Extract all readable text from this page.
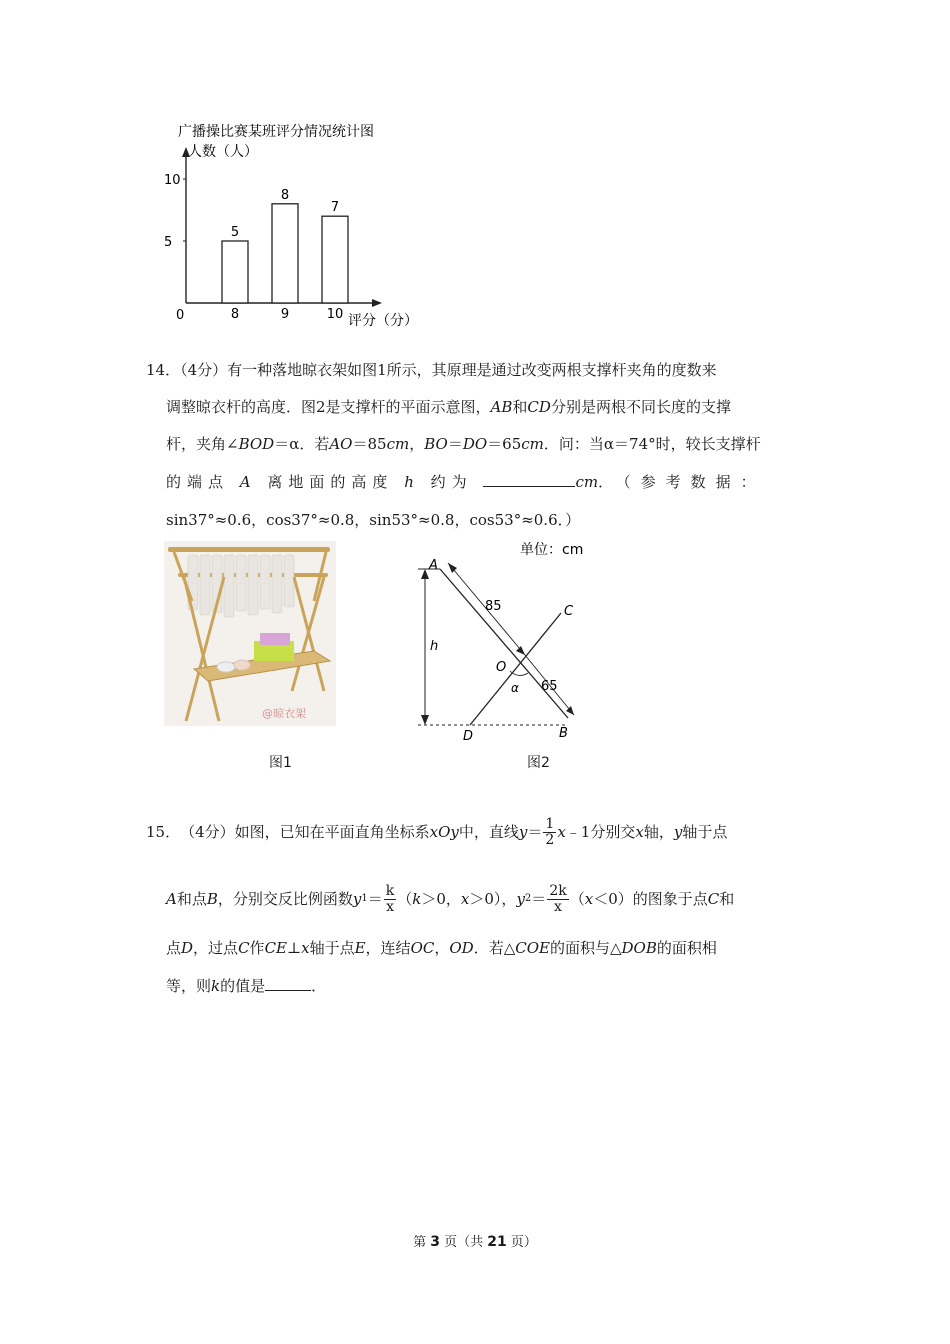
广播操比赛某班评分情况统计图
人数（人）
评分（分）
0
5
10
5
8
8
9
7
10
14．（4分）有一种落地晾衣架如图1所示，其原理是通过改变两根支撑杆夹角的度数来
调整晾衣杆的高度．图2是支撑杆的平面示意图，AB和CD分别是两根不同长度的支撑
杆，夹角∠BOD＝α．若AO＝85cm，BO＝DO＝65cm．问：当α＝74°时，较长支撑杆
的端点 A 离地面的高度 h 约为	cm．（参考数据：
sin37°≈0.6，cos37°≈0.8，sin53°≈0.8，cos53°≈0.6．）
@晾衣架
图1
单位：cm
A
B
C
D
O
h
α
85
65
图2
15． （4分） 如图，已知在平面直角坐标系 xOy 中，直线 $y = \frac{1}{2}$ x ﹣1分别交 x 轴， y 轴于点
A 和点 B ，分别交反比例函数 y $1 = \frac{k}{x}$ （ k ＞0， x ＞0）， y $2 = \frac{2k}{x}$ （ x ＜0）的图象于点 C 和
点D，过点C作CE⊥x轴于点E，连结OC，OD．若△COE的面积与△DOB的面积相
等，则k的值是	．
第 3 页（共 21 页）
